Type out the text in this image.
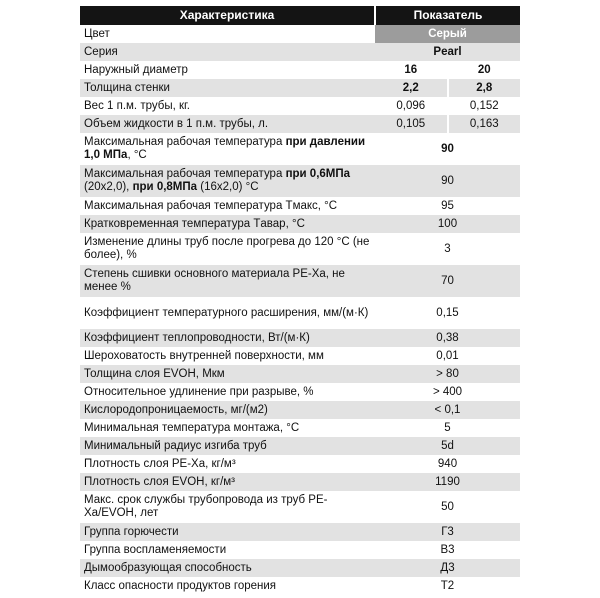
Характеристика	Показатель	
Цвет	Серый	
Серия	Pearl	
Наружный диаметр	16	20
Толщина стенки	2,2	2,8
Вес 1 п.м. трубы, кг.	0,096	0,152
Объем жидкости в 1 п.м. трубы, л.	0,105	0,163
Максимальная рабочая температура при давлении 1,0 МПа, °С	90	
Максимальная рабочая температура при 0,6МПа (20х2,0), при 0,8МПа (16х2,0) °С	90	
Максимальная рабочая температура Tмакс, °С	95	
Кратковременная температура Tавар, °С	100	
Изменение длины труб после прогрева до 120 °С (не более), %	3	
Степень сшивки основного материала PE-Xa, не менее %	70	
Коэффициент температурного расширения, мм/(м·К)	0,15	
Коэффициент теплопроводности, Вт/(м·К)	0,38	
Шероховатость внутренней поверхности, мм	0,01	
Толщина слоя EVOH, Мкм	> 80	
Относительное удлинение при разрыве, %	> 400	
Кислородопроницаемость, мг/(м2)	< 0,1	
Минимальная температура монтажа, °С	5	
Минимальный радиус изгиба труб	5d	
Плотность слоя PE-Xa, кг/м³	940	
Плотность слоя EVOH, кг/м³	1190	
Макс. срок службы трубопровода из труб PE-Xa/EVOH, лет	50	
Группа горючести	Г3	
Группа воспламеняемости	В3	
Дымообразующая способность	Д3	
Класс опасности продуктов горения	Т2	
